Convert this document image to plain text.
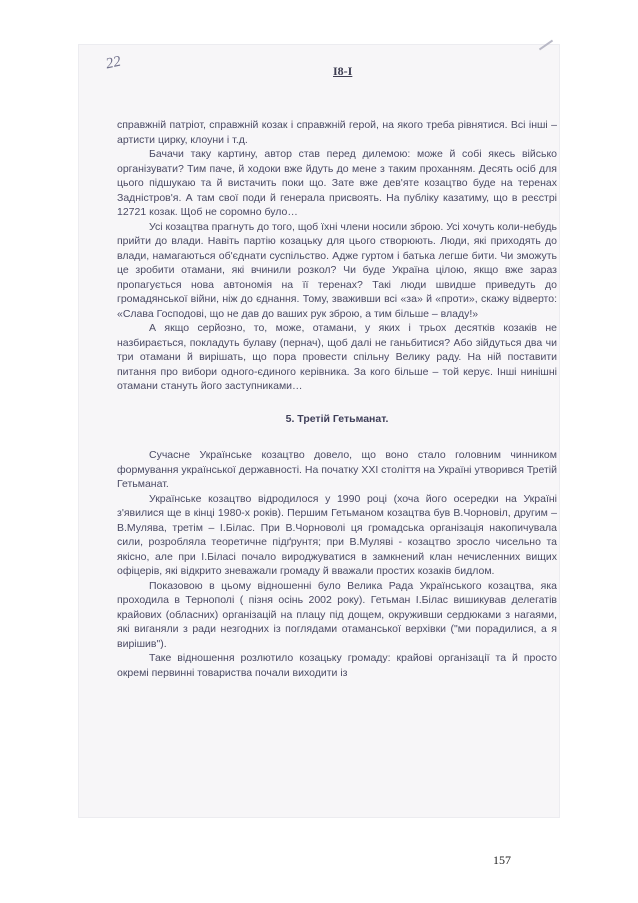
22	I8-I

справжній патріот, справжній козак і справжній герой, на якого треба рівнятися. Всі інші – артисти цирку, клоуни і т.д.

Бачачи таку картину, автор став перед дилемою: може й собі якесь військо організувати? Тим паче, й ходоки вже йдуть до мене з таким проханням. Десять осіб для цього підшукаю та й вистачить поки що. Зате вже дев'яте козацтво буде на теренах Задністров'я. А там свої поди й генерала присвоять. На публіку казатиму, що в реєстрі 12721 козак. Щоб не соромно було…

Усі козацтва прагнуть до того, щоб їхні члени носили зброю. Усі хочуть коли-небудь прийти до влади. Навіть партію козацьку для цього створюють. Люди, які приходять до влади, намагаються об'єднати суспільство. Адже гуртом і батька легше бити. Чи зможуть це зробити отамани, які вчинили розкол? Чи буде Україна цілою, якщо вже зараз пропагується нова автономія на її теренах? Такі люди швидше приведуть до громадянської війни, ніж до єднання. Тому, зваживши всі «за» й «проти», скажу відверто: «Слава Господові, що не дав до ваших рук зброю, а тим більше – владу!»

А якщо серйозно, то, може, отамани, у яких і трьох десятків козаків не назбирається, покладуть булаву (пернач), щоб далі не ганьбитися? Або зійдуться два чи три отамани й вирішать, що пора провести спільну Велику раду. На ній поставити питання про вибори одного-єдиного керівника. За кого більше – той керує. Інші нинішні отамани стануть його заступниками…

5. Третій Гетьманат.

Сучасне Українське козацтво довело, що воно стало головним чинником формування української державності. На початку XXI століття на Україні утворився Третій Гетьманат.

Українське козацтво відродилося у 1990 році (хоча його осередки на Україні з'явилися ще в кінці 1980-х років). Першим Гетьманом козацтва був В.Чорновіл, другим – В.Мулява, третім – І.Білас. При В.Чорноволі ця громадська організація накопичувала сили, розробляла теоретичне підґрунтя; при В.Муляві - козацтво зросло чисельно та якісно, але при І.Біласі почало вироджуватися в замкнений клан нечисленних вищих офіцерів, які відкрито зневажали громаду й вважали простих козаків бидлом.

Показовою в цьому відношенні було Велика Рада Українського козацтва, яка проходила в Тернополі ( пізня осінь 2002 року). Гетьман І.Білас вишикував делегатів крайових (обласних) організацій на плацу під дощем, окруживши сердюками з нагаями, які виганяли з ради незгодних із поглядами отаманської верхівки ("ми порадилися, а я вирішив").

Таке відношення розлютило козацьку громаду: крайові організації та й просто окремі первинні товариства почали виходити із

157
